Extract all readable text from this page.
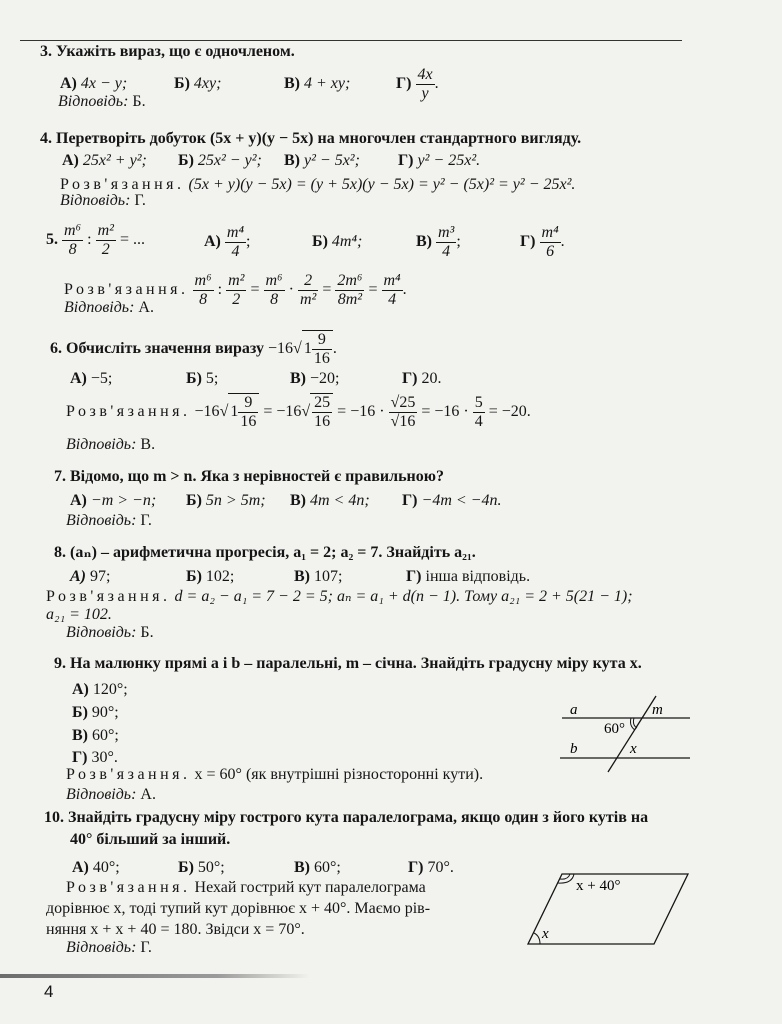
3. Укажіть вираз, що є одночленом.
А) 4x − y;	Б) 4xy;	В) 4 + xy;	$Г) \frac{4x}{y}$ .
Відповідь: Б.
4. Перетворіть добуток (5x + y)(y − 5x) на многочлен стандартного вигляду.
А) 25x² + y²; Б) 25x² − y²; В) y² − 5x²; Г) y² − 25x².
Розв'язання. (5x + y)(y − 5x) = (y + 5x)(y − 5x) = y² − (5x)² = y² − 25x².
Відповідь: Г.
5. $\frac{\text{m⁶}}{8}$ : $\frac{\text{m²}}{2}$ = ...	$А) \frac{\text{m⁴}}{4}$ ;	Б) 4m⁴;	$В) \frac{\text{m³}}{4}$ ;	$Г) \frac{\text{m⁴}}{6}$ .
Розв'язання. $\frac{\text{m⁶}}{8}$ : $\frac{\text{m²}}{2} = \frac{\text{m⁶}}{8} \cdot \frac{2}{\text{m²}} = \frac{\text{2m⁶}}{\text{8m²}} = \frac{\text{m⁴}}{4}$ .
Відповідь: А.
6. Обчисліть значення виразу −16√ $1 \frac{9}{16}$ .
А) −5;	Б) 5;	В) −20;	Г) 20.
Розв'язання. −16√ $1 \frac{9}{16} = -16√ \frac{25}{16} = -16 \cdot \frac{√25}{√16} = -16 \cdot \frac{5}{4} = -20$.
Відповідь: В.
7. Відомо, що m > n. Яка з нерівностей є правильною?
А) −m > −n; Б) 5n > 5m; В) 4m < 4n; Г) −4m < −4n.
Відповідь: Г.
8. (aₙ) – арифметична прогресія, a₁ = 2; a₂ = 7. Знайдіть a₂₁.
А) 97;	Б) 102;	В) 107;	Г) інша відповідь.
Розв'язання. d = a₂ − a₁ = 7 − 2 = 5; aₙ = a₁ + d(n − 1). Тому a₂₁ = 2 + 5(21 − 1);
a₂₁ = 102.
Відповідь: Б.
9. На малюнку прямі a і b – паралельні, m – січна. Знайдіть градусну міру кута x.
А) 120°;
Б) 90°;
В) 60°;
Г) 30°.
Розв'язання. x = 60° (як внутрішні різносторонні кути).
Відповідь: А.
a	m
60°
b	x
10. Знайдіть градусну міру гострого кута паралелограма, якщо один з його кутів на
40° більший за інший.
А) 40°;	Б) 50°;	В) 60°;	Г) 70°.
Розв'язання. Нехай гострий кут паралелограма
дорівнює x, тоді тупий кут дорівнює x + 40°. Маємо рів-
няння x + x + 40 = 180. Звідси x = 70°.
Відповідь: Г.
x + 40°
x
4
